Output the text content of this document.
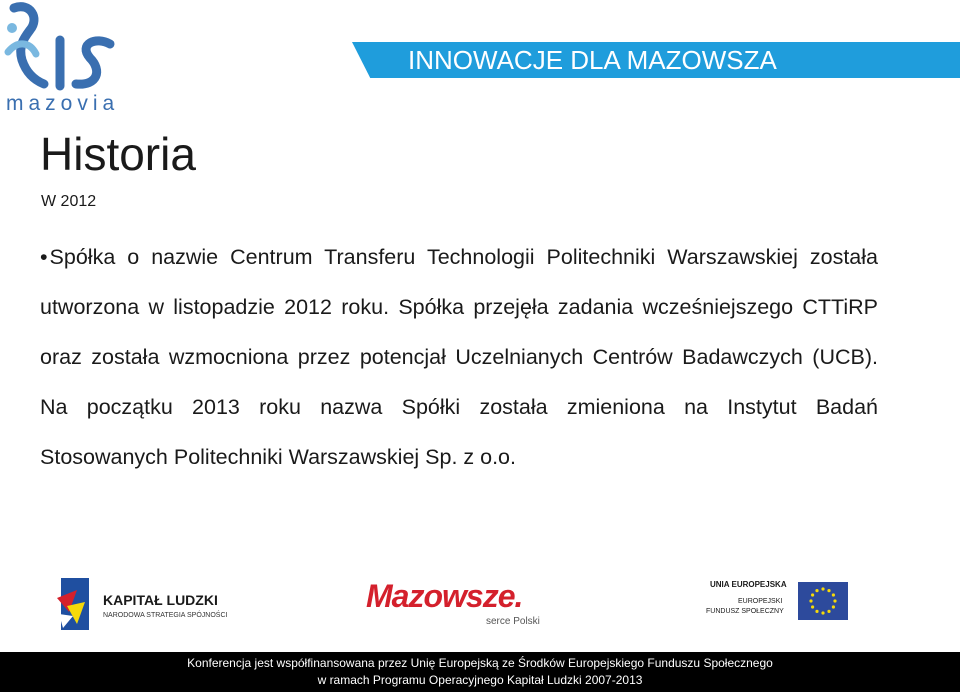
mazovia
INNOWACJE DLA MAZOWSZA
Historia
W 2012

•Spółka o nazwie Centrum Transferu Technologii Politechniki Warszawskiej została utworzona w listopadzie 2012 roku. Spółka przejęła zadania wcześniejszego CTTiRP oraz została wzmocniona przez potencjał Uczelnianych Centrów Badawczych (UCB). Na początku 2013 roku nazwa Spółki została zmieniona na Instytut Badań Stosowanych Politechniki Warszawskiej Sp. z o.o.

KAPITAŁ LUDZKI
NARODOWA STRATEGIA SPÓJNOŚCI
Mazowsze.
serce Polski
UNIA EUROPEJSKA
EUROPEJSKI
FUNDUSZ SPOŁECZNY
Konferencja jest współfinansowana przez Unię Europejską ze Środków Europejskiego Funduszu Społecznego
w ramach Programu Operacyjnego Kapitał Ludzki 2007-2013
